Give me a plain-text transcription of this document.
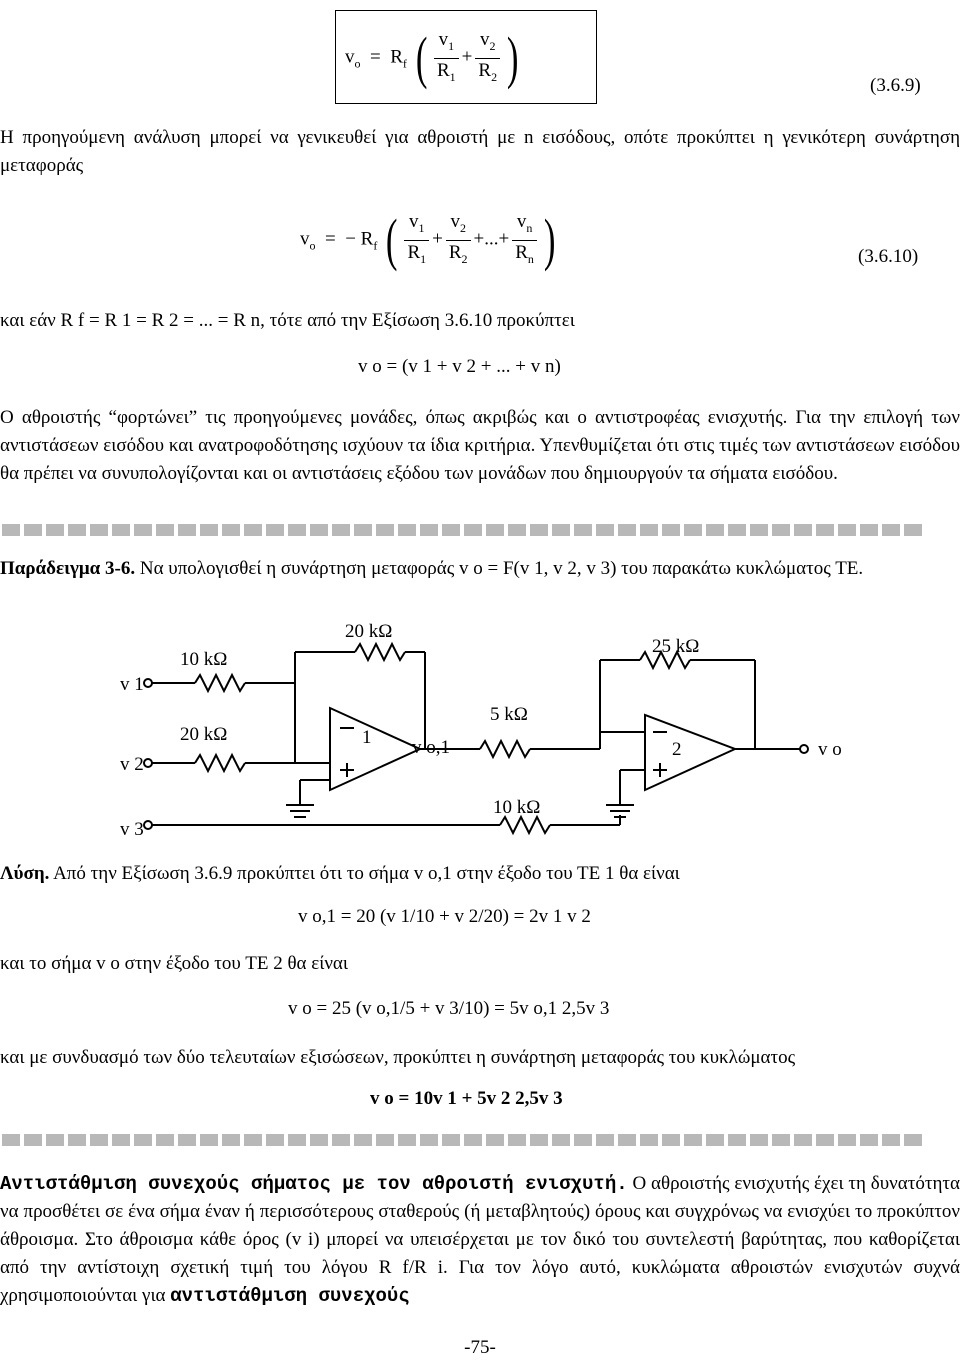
$v_o = R_f$ ( $\frac{v_1}{R_1} + \frac{v_2}{R_2}$ )	(3.6.9)
Η προηγούμενη ανάλυση μπορεί να γενικευθεί για αθροιστή με n εισόδους, οπότε προκύπτει η γενικότερη συνάρτηση μεταφοράς
$v_o$  =  − $R_f$ ( $\frac{v_1}{R_1} + \frac{v_2}{R_2}$ +...+ $\frac{v_n}{R_n}$ )	(3.6.10)
και εάν R f = R 1 = R 2 = ... = R n, τότε από την Εξίσωση 3.6.10 προκύπτει
v o = (v 1 + v 2 + ... + v n)
Ο αθροιστής “φορτώνει” τις προηγούμενες μονάδες, όπως ακριβώς και ο αντιστροφέας ενισχυτής. Για την επιλογή των αντιστάσεων εισόδου και ανατροφοδότησης ισχύουν τα ίδια κριτήρια. Υπενθυμίζεται ότι στις τιμές των αντιστάσεων εισόδου θα πρέπει να συνυπολογίζονται και οι αντιστάσεις εξόδου των μονάδων που δημιουργούν τα σήματα εισόδου.
Παράδειγμα 3-6. Να υπολογισθεί η συνάρτηση μεταφοράς v o = F(v 1, v 2, v 3) του παρακάτω κυκλώματος ΤΕ.
10 kΩ
20 kΩ
20 kΩ
5 kΩ
25 kΩ
10 kΩ
v 1
v 2
v 3
v o,1	v o
1
2
Λύση. Από την Εξίσωση 3.6.9 προκύπτει ότι το σήμα v o,1 στην έξοδο του ΤΕ 1 θα είναι
v o,1 = 20 (v 1/10 + v 2/20) = 2v 1 v 2
και το σήμα v o στην έξοδο του ΤΕ 2 θα είναι
v o = 25 (v o,1/5 + v 3/10) = 5v o,1 2,5v 3
και με συνδυασμό των δύο τελευταίων εξισώσεων, προκύπτει η συνάρτηση μεταφοράς του κυκλώματος
v o = 10v 1 + 5v 2 2,5v 3
Αντιστάθμιση συνεχούς σήματος με τον αθροιστή ενισχυτή. Ο αθροιστής ενισχυτής έχει τη δυνατότητα να προσθέτει σε ένα σήμα έναν ή περισσότερους σταθερούς (ή μεταβλητούς) όρους και συγχρόνως να ενισχύει το προκύπτον άθροισμα. Στο άθροισμα κάθε όρος (v i) μπορεί να υπεισέρχεται με τον δικό του συντελεστή βαρύτητας, που καθορίζεται από την αντίστοιχη σχετική τιμή του λόγου R f/R i. Για τον λόγο αυτό, κυκλώματα αθροιστών ενισχυτών συχνά χρησιμοποιούνται για αντιστάθμιση συνεχούς
-75-
